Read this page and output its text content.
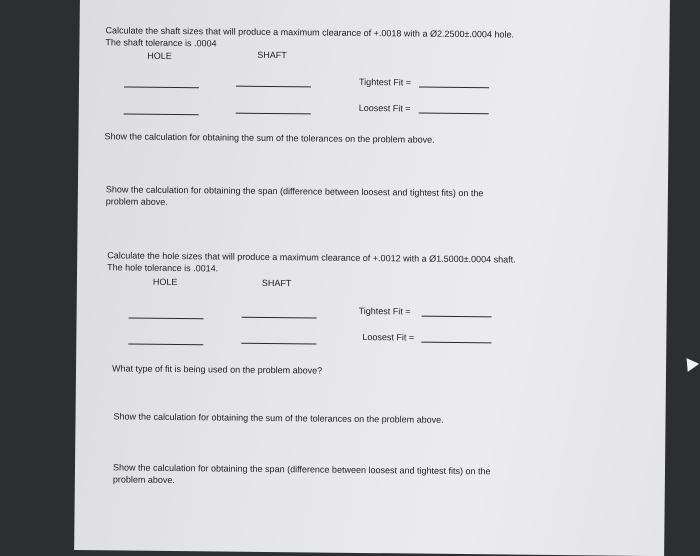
Calculate the shaft sizes that will produce a maximum clearance of +.0018 with a Ø2.2500±.0004 hole.
The shaft tolerance is .0004
HOLE	SHAFT
Tightest Fit =
Loosest Fit =
Show the calculation for obtaining the sum of the tolerances on the problem above.
Show the calculation for obtaining the span (difference between loosest and tightest fits) on the
problem above.
Calculate the hole sizes that will produce a maximum clearance of +.0012 with a Ø1.5000±.0004 shaft.
The hole tolerance is .0014.
HOLE	SHAFT
Tightest Fit =
Loosest Fit =
What type of fit is being used on the problem above?
Show the calculation for obtaining the sum of the tolerances on the problem above.
Show the calculation for obtaining the span (difference between loosest and tightest fits) on the
problem above.
